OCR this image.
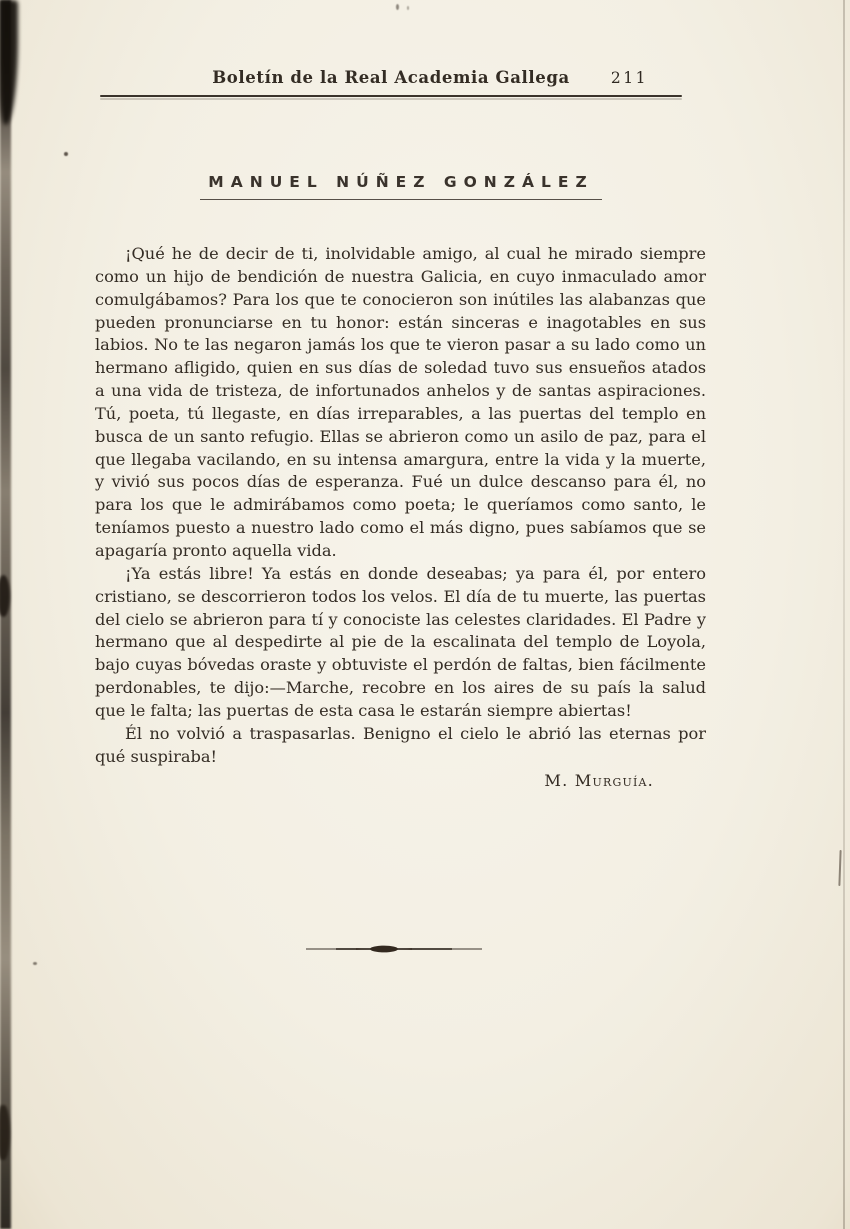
Boletín de la Real Academia Gallega	211
MANUEL NÚÑEZ GONZÁLEZ

¡Qué he de decir de ti, inolvidable amigo, al cual he mirado siempre como un hijo de bendición de nuestra Galicia, en cuyo inmaculado amor comulgábamos? Para los que te conocieron son inútiles las alabanzas que pueden pronunciarse en tu honor: están sinceras e inagotables en sus labios. No te las negaron jamás los que te vieron pasar a su lado como un hermano afligido, quien en sus días de soledad tuvo sus ensueños atados a una vida de tristeza, de infortunados anhelos y de santas aspiraciones. Tú, poeta, tú llegaste, en días irreparables, a las puertas del templo en busca de un santo refugio. Ellas se abrieron como un asilo de paz, para el que llegaba vacilando, en su intensa amargura, entre la vida y la muerte, y vivió sus pocos días de esperanza. Fué un dulce descanso para él, no para los que le admirábamos como poeta; le queríamos como santo, le teníamos puesto a nuestro lado como el más digno, pues sabíamos que se apagaría pronto aquella vida.

¡Ya estás libre! Ya estás en donde deseabas; ya para él, por entero cristiano, se descorrieron todos los velos. El día de tu muerte, las puertas del cielo se abrieron para tí y conociste las celestes claridades. El Padre y hermano que al despedirte al pie de la escalinata del templo de Loyola, bajo cuyas bóvedas oraste y obtuviste el perdón de faltas, bien fácilmente perdonables, te dijo:—Marche, recobre en los aires de su país la salud que le falta; las puertas de esta casa le estarán siempre abiertas!

Él no volvió a traspasarlas. Benigno el cielo le abrió las eternas por qué suspiraba!

M. Murguía.
